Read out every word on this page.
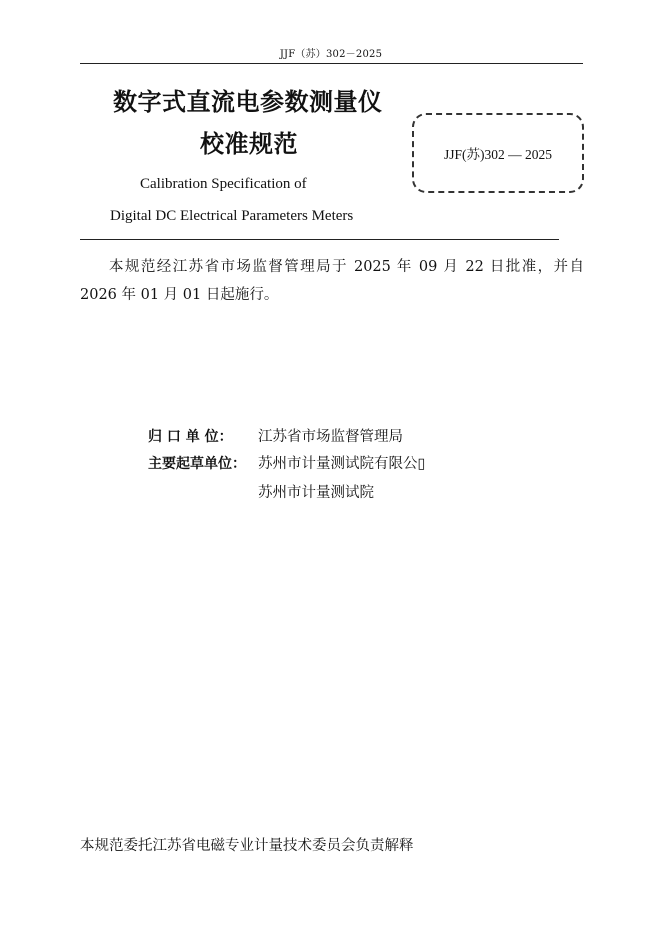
JJF（苏）302－2025
数字式直流电参数测量仪
校准规范	JJF(苏)302 — 2025
Calibration Specification of
Digital DC Electrical Parameters Meters
本规范经江苏省市场监督管理局于 2025 年 09 月 22 日批准，并自 2026 年 01 月 01 日起施行。
归 口 单 位： 江苏省市场监督管理局
主要起草单位： 苏州市计量测试院有限公▯
苏州市计量测试院
本规范委托江苏省电磁专业计量技术委员会负责解释
